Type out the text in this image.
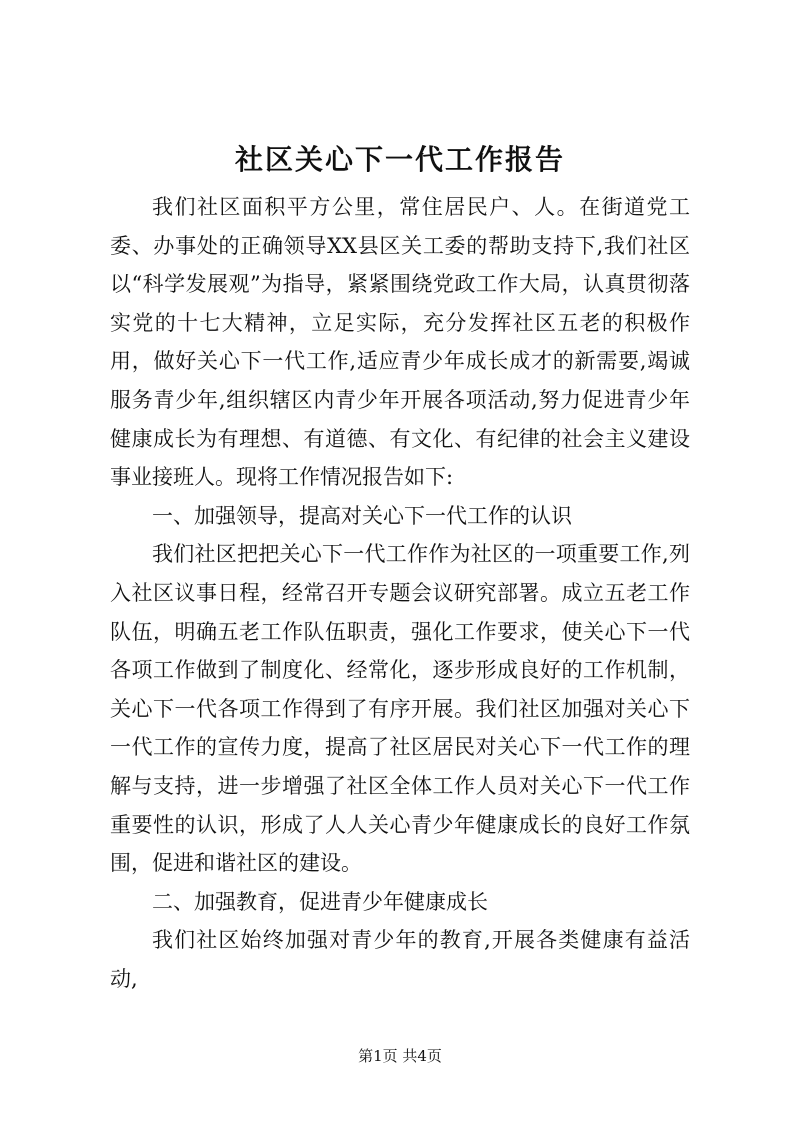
社区关心下一代工作报告

我们社区面积平方公里，常住居民户、人。在街道党工委、办事处的正确领导XX县区关工委的帮助支持下,我们社区以“科学发展观”为指导，紧紧围绕党政工作大局，认真贯彻落实党的十七大精神，立足实际，充分发挥社区五老的积极作用，做好关心下一代工作,适应青少年成长成才的新需要,竭诚服务青少年,组织辖区内青少年开展各项活动,努力促进青少年健康成长为有理想、有道德、有文化、有纪律的社会主义建设事业接班人。现将工作情况报告如下:

一、加强领导，提高对关心下一代工作的认识

我们社区把把关心下一代工作作为社区的一项重要工作,列入社区议事日程，经常召开专题会议研究部署。成立五老工作队伍，明确五老工作队伍职责，强化工作要求，使关心下一代各项工作做到了制度化、经常化，逐步形成良好的工作机制，关心下一代各项工作得到了有序开展。我们社区加强对关心下一代工作的宣传力度，提高了社区居民对关心下一代工作的理解与支持，进一步增强了社区全体工作人员对关心下一代工作重要性的认识，形成了人人关心青少年健康成长的良好工作氛围，促进和谐社区的建设。

二、加强教育，促进青少年健康成长

我们社区始终加强对青少年的教育,开展各类健康有益活动,

第1页 共4页
